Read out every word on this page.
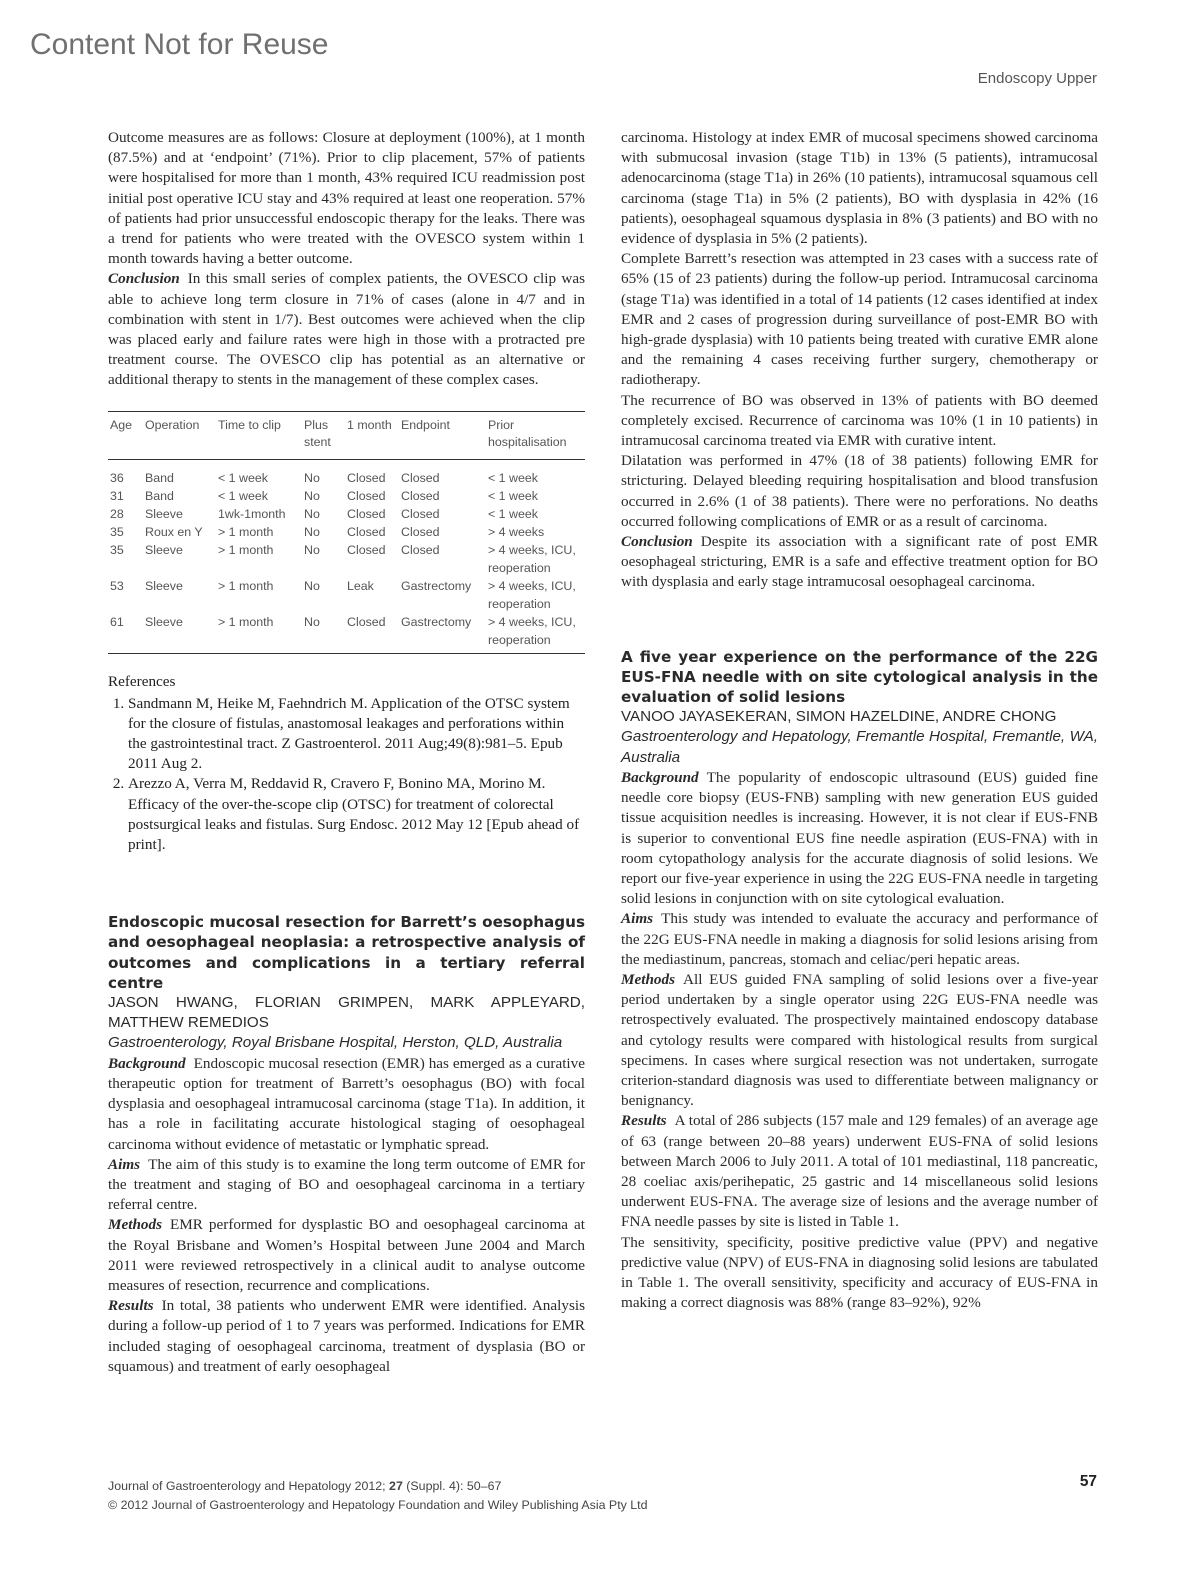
Content Not for Reuse
Endoscopy Upper

Outcome measures are as follows: Closure at deployment (100%), at 1 month (87.5%) and at ‘endpoint’ (71%). Prior to clip placement, 57% of patients were hospitalised for more than 1 month, 43% required ICU readmission post initial post operative ICU stay and 43% required at least one reoperation. 57% of patients had prior unsuccessful endoscopic therapy for the leaks. There was a trend for patients who were treated with the OVESCO system within 1 month towards having a better outcome.

Conclusion In this small series of complex patients, the OVESCO clip was able to achieve long term closure in 71% of cases (alone in 4/7 and in combination with stent in 1/7). Best outcomes were achieved when the clip was placed early and failure rates were high in those with a protracted pre treatment course. The OVESCO clip has potential as an alternative or additional therapy to stents in the management of these complex cases.

Age	Operation	Time to clip	Plus stent	1 month	Endpoint	Prior hospitalisation
36	Band	< 1 week	No	Closed	Closed	< 1 week
31	Band	< 1 week	No	Closed	Closed	< 1 week
28	Sleeve	1wk-1month	No	Closed	Closed	< 1 week
35	Roux en Y	> 1 month	No	Closed	Closed	> 4 weeks
35	Sleeve	> 1 month	No	Closed	Closed	> 4 weeks, ICU, reoperation
53	Sleeve	> 1 month	No	Leak	Gastrectomy	> 4 weeks, ICU, reoperation
61	Sleeve	> 1 month	No	Closed	Gastrectomy	> 4 weeks, ICU, reoperation
References
1. Sandmann M, Heike M, Faehndrich M. Application of the OTSC system for the closure of fistulas, anastomosal leakages and perforations within the gastrointestinal tract. Z Gastroenterol. 2011 Aug;49(8):981–5. Epub 2011 Aug 2.
2. Arezzo A, Verra M, Reddavid R, Cravero F, Bonino MA, Morino M. Efficacy of the over-the-scope clip (OTSC) for treatment of colorectal postsurgical leaks and fistulas. Surg Endosc. 2012 May 12 [Epub ahead of print].

Endoscopic mucosal resection for Barrett’s oesophagus and oesophageal neoplasia: a retrospective analysis of outcomes and complications in a tertiary referral centre

JASON HWANG, FLORIAN GRIMPEN, MARK APPLEYARD, MATTHEW REMEDIOS

Gastroenterology, Royal Brisbane Hospital, Herston, QLD, Australia

Background Endoscopic mucosal resection (EMR) has emerged as a curative therapeutic option for treatment of Barrett’s oesophagus (BO) with focal dysplasia and oesophageal intramucosal carcinoma (stage T1a). In addition, it has a role in facilitating accurate histological staging of oesophageal carcinoma without evidence of metastatic or lymphatic spread.

Aims The aim of this study is to examine the long term outcome of EMR for the treatment and staging of BO and oesophageal carcinoma in a tertiary referral centre.

Methods EMR performed for dysplastic BO and oesophageal carcinoma at the Royal Brisbane and Women’s Hospital between June 2004 and March 2011 were reviewed retrospectively in a clinical audit to analyse outcome measures of resection, recurrence and complications.

Results In total, 38 patients who underwent EMR were identified. Analysis during a follow-up period of 1 to 7 years was performed. Indications for EMR included staging of oesophageal carcinoma, treatment of dysplasia (BO or squamous) and treatment of early oesophageal

carcinoma. Histology at index EMR of mucosal specimens showed carcinoma with submucosal invasion (stage T1b) in 13% (5 patients), intramucosal adenocarcinoma (stage T1a) in 26% (10 patients), intramucosal squamous cell carcinoma (stage T1a) in 5% (2 patients), BO with dysplasia in 42% (16 patients), oesophageal squamous dysplasia in 8% (3 patients) and BO with no evidence of dysplasia in 5% (2 patients).

Complete Barrett’s resection was attempted in 23 cases with a success rate of 65% (15 of 23 patients) during the follow-up period. Intramucosal carcinoma (stage T1a) was identified in a total of 14 patients (12 cases identified at index EMR and 2 cases of progression during surveillance of post-EMR BO with high-grade dysplasia) with 10 patients being treated with curative EMR alone and the remaining 4 cases receiving further surgery, chemotherapy or radiotherapy.

The recurrence of BO was observed in 13% of patients with BO deemed completely excised. Recurrence of carcinoma was 10% (1 in 10 patients) in intramucosal carcinoma treated via EMR with curative intent.

Dilatation was performed in 47% (18 of 38 patients) following EMR for stricturing. Delayed bleeding requiring hospitalisation and blood transfusion occurred in 2.6% (1 of 38 patients). There were no perforations. No deaths occurred following complications of EMR or as a result of carcinoma.

Conclusion Despite its association with a significant rate of post EMR oesophageal stricturing, EMR is a safe and effective treatment option for BO with dysplasia and early stage intramucosal oesophageal carcinoma.

A five year experience on the performance of the 22G EUS-FNA needle with on site cytological analysis in the evaluation of solid lesions

VANOO JAYASEKERAN, SIMON HAZELDINE, ANDRE CHONG

Gastroenterology and Hepatology, Fremantle Hospital, Fremantle, WA, Australia

Background The popularity of endoscopic ultrasound (EUS) guided fine needle core biopsy (EUS-FNB) sampling with new generation EUS guided tissue acquisition needles is increasing. However, it is not clear if EUS-FNB is superior to conventional EUS fine needle aspiration (EUS-FNA) with in room cytopathology analysis for the accurate diagnosis of solid lesions. We report our five-year experience in using the 22G EUS-FNA needle in targeting solid lesions in conjunction with on site cytological evaluation.

Aims This study was intended to evaluate the accuracy and performance of the 22G EUS-FNA needle in making a diagnosis for solid lesions arising from the mediastinum, pancreas, stomach and celiac/peri hepatic areas.

Methods All EUS guided FNA sampling of solid lesions over a five-year period undertaken by a single operator using 22G EUS-FNA needle was retrospectively evaluated. The prospectively maintained endoscopy database and cytology results were compared with histological results from surgical specimens. In cases where surgical resection was not undertaken, surrogate criterion-standard diagnosis was used to differentiate between malignancy or benignancy.

Results A total of 286 subjects (157 male and 129 females) of an average age of 63 (range between 20–88 years) underwent EUS-FNA of solid lesions between March 2006 to July 2011. A total of 101 mediastinal, 118 pancreatic, 28 coeliac axis/perihepatic, 25 gastric and 14 miscellaneous solid lesions underwent EUS-FNA. The average size of lesions and the average number of FNA needle passes by site is listed in Table 1.

The sensitivity, specificity, positive predictive value (PPV) and negative predictive value (NPV) of EUS-FNA in diagnosing solid lesions are tabulated in Table 1. The overall sensitivity, specificity and accuracy of EUS-FNA in making a correct diagnosis was 88% (range 83–92%), 92%

Journal of Gastroenterology and Hepatology 2012; 27 (Suppl. 4): 50–67
© 2012 Journal of Gastroenterology and Hepatology Foundation and Wiley Publishing Asia Pty Ltd
57
